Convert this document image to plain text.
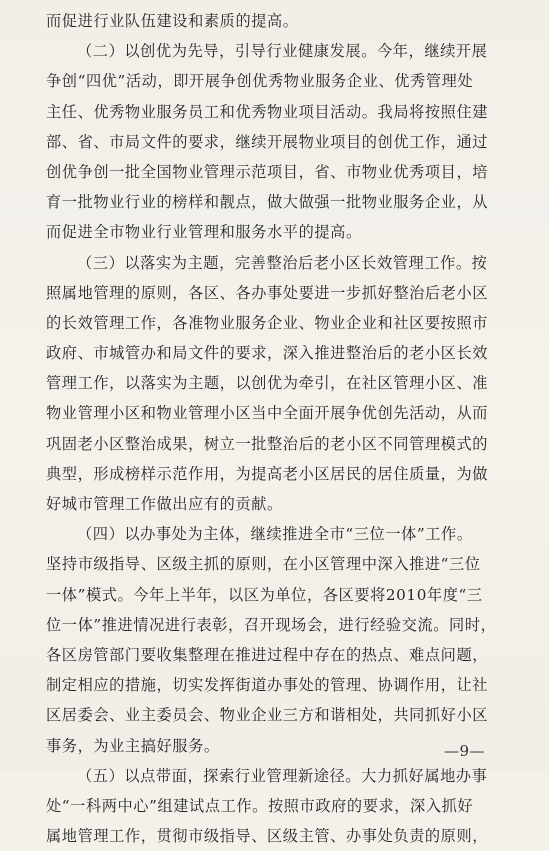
而促进行业队伍建设和素质的提高。
（二）以创优为先导，引导行业健康发展。今年，继续开展
争创“四优”活动，即开展争创优秀物业服务企业、优秀管理处
主任、优秀物业服务员工和优秀物业项目活动。我局将按照住建
部、省、市局文件的要求，继续开展物业项目的创优工作，通过
创优争创一批全国物业管理示范项目，省、市物业优秀项目，培
育一批物业行业的榜样和靓点，做大做强一批物业服务企业，从
而促进全市物业行业管理和服务水平的提高。
（三）以落实为主题，完善整治后老小区长效管理工作。按
照属地管理的原则，各区、各办事处要进一步抓好整治后老小区
的长效管理工作，各准物业服务企业、物业企业和社区要按照市
政府、市城管办和局文件的要求，深入推进整治后的老小区长效
管理工作，以落实为主题，以创优为牵引，在社区管理小区、准
物业管理小区和物业管理小区当中全面开展争优创先活动，从而
巩固老小区整治成果，树立一批整治后的老小区不同管理模式的
典型，形成榜样示范作用，为提高老小区居民的居住质量，为做
好城市管理工作做出应有的贡献。
（四）以办事处为主体，继续推进全市“三位一体”工作。
坚持市级指导、区级主抓的原则，在小区管理中深入推进“三位
一体”模式。今年上半年，以区为单位，各区要将2010年度“三
位一体”推进情况进行表彰，召开现场会，进行经验交流。同时，
各区房管部门要收集整理在推进过程中存在的热点、难点问题，
制定相应的措施，切实发挥街道办事处的管理、协调作用，让社
区居委会、业主委员会、物业企业三方和谐相处，共同抓好小区
事务，为业主搞好服务。
（五）以点带面，探索行业管理新途径。大力抓好属地办事
处“一科两中心”组建试点工作。按照市政府的要求，深入抓好
属地管理工作，贯彻市级指导、区级主管、办事处负责的原则，
—9—
